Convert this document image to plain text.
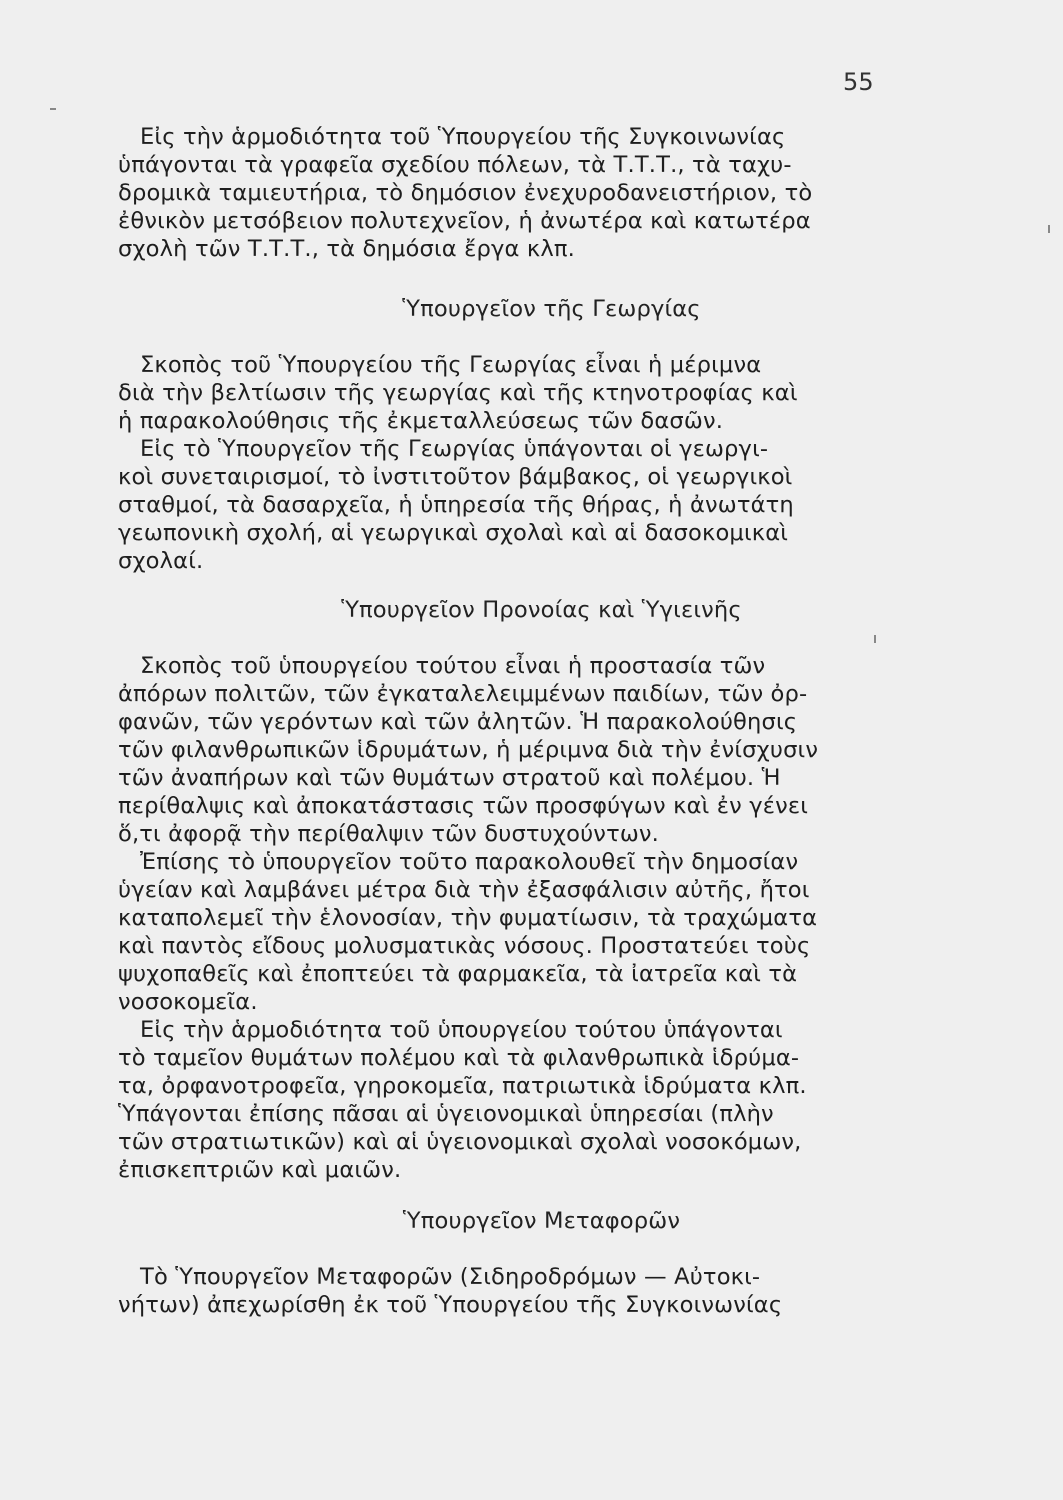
55
Εἰς τὴν ἁρμοδιότητα τοῦ Ὑπουργείου τῆς Συγκοινωνίας
ὑπάγονται τὰ γραφεῖα σχεδίου πόλεων, τὰ Τ.Τ.Τ., τὰ ταχυ-
δρομικὰ ταμιευτήρια, τὸ δημόσιον ἐνεχυροδανειστήριον, τὸ
ἐθνικὸν μετσόβειον πολυτεχνεῖον, ἡ ἀνωτέρα καὶ κατωτέρα
σχολὴ τῶν Τ.Τ.Τ., τὰ δημόσια ἔργα κλπ.
Ὑπουργεῖον τῆς Γεωργίας
Σκοπὸς τοῦ Ὑπουργείου τῆς Γεωργίας εἶναι ἡ μέριμνα
διὰ τὴν βελτίωσιν τῆς γεωργίας καὶ τῆς κτηνοτροφίας καὶ
ἡ παρακολούθησις τῆς ἐκμεταλλεύσεως τῶν δασῶν.
Εἰς τὸ Ὑπουργεῖον τῆς Γεωργίας ὑπάγονται οἱ γεωργι-
κοὶ συνεταιρισμοί, τὸ ἰνστιτοῦτον βάμβακος, οἱ γεωργικοὶ
σταθμοί, τὰ δασαρχεῖα, ἡ ὑπηρεσία τῆς θήρας, ἡ ἀνωτάτη
γεωπονικὴ σχολή, αἱ γεωργικαὶ σχολαὶ καὶ αἱ δασοκομικαὶ
σχολαί.
Ὑπουργεῖον Προνοίας καὶ Ὑγιεινῆς
Σκοπὸς τοῦ ὑπουργείου τούτου εἶναι ἡ προστασία τῶν
ἀπόρων πολιτῶν, τῶν ἐγκαταλελειμμένων παιδίων, τῶν ὀρ-
φανῶν, τῶν γερόντων καὶ τῶν ἀλητῶν. Ἡ παρακολούθησις
τῶν φιλανθρωπικῶν ἱδρυμάτων, ἡ μέριμνα διὰ τὴν ἐνίσχυσιν
τῶν ἀναπήρων καὶ τῶν θυμάτων στρατοῦ καὶ πολέμου. Ἡ
περίθαλψις καὶ ἀποκατάστασις τῶν προσφύγων καὶ ἐν γένει
ὅ,τι ἀφορᾷ τὴν περίθαλψιν τῶν δυστυχούντων.
Ἐπίσης τὸ ὑπουργεῖον τοῦτο παρακολουθεῖ τὴν δημοσίαν
ὑγείαν καὶ λαμβάνει μέτρα διὰ τὴν ἐξασφάλισιν αὐτῆς, ἤτοι
καταπολεμεῖ τὴν ἑλονοσίαν, τὴν φυματίωσιν, τὰ τραχώματα
καὶ παντὸς εἴδους μολυσματικὰς νόσους. Προστατεύει τοὺς
ψυχοπαθεῖς καὶ ἐποπτεύει τὰ φαρμακεῖα, τὰ ἰατρεῖα καὶ τὰ
νοσοκομεῖα.
Εἰς τὴν ἁρμοδιότητα τοῦ ὑπουργείου τούτου ὑπάγονται
τὸ ταμεῖον θυμάτων πολέμου καὶ τὰ φιλανθρωπικὰ ἱδρύμα-
τα, ὀρφανοτροφεῖα, γηροκομεῖα, πατριωτικὰ ἱδρύματα κλπ.
Ὑπάγονται ἐπίσης πᾶσαι αἱ ὑγειονομικαὶ ὑπηρεσίαι (πλὴν
τῶν στρατιωτικῶν) καὶ αἱ ὑγειονομικαὶ σχολαὶ νοσοκόμων,
ἐπισκεπτριῶν καὶ μαιῶν.
Ὑπουργεῖον Μεταφορῶν
Τὸ Ὑπουργεῖον Μεταφορῶν (Σιδηροδρόμων — Αὐτοκι-
νήτων) ἀπεχωρίσθη ἐκ τοῦ Ὑπουργείου τῆς Συγκοινωνίας
